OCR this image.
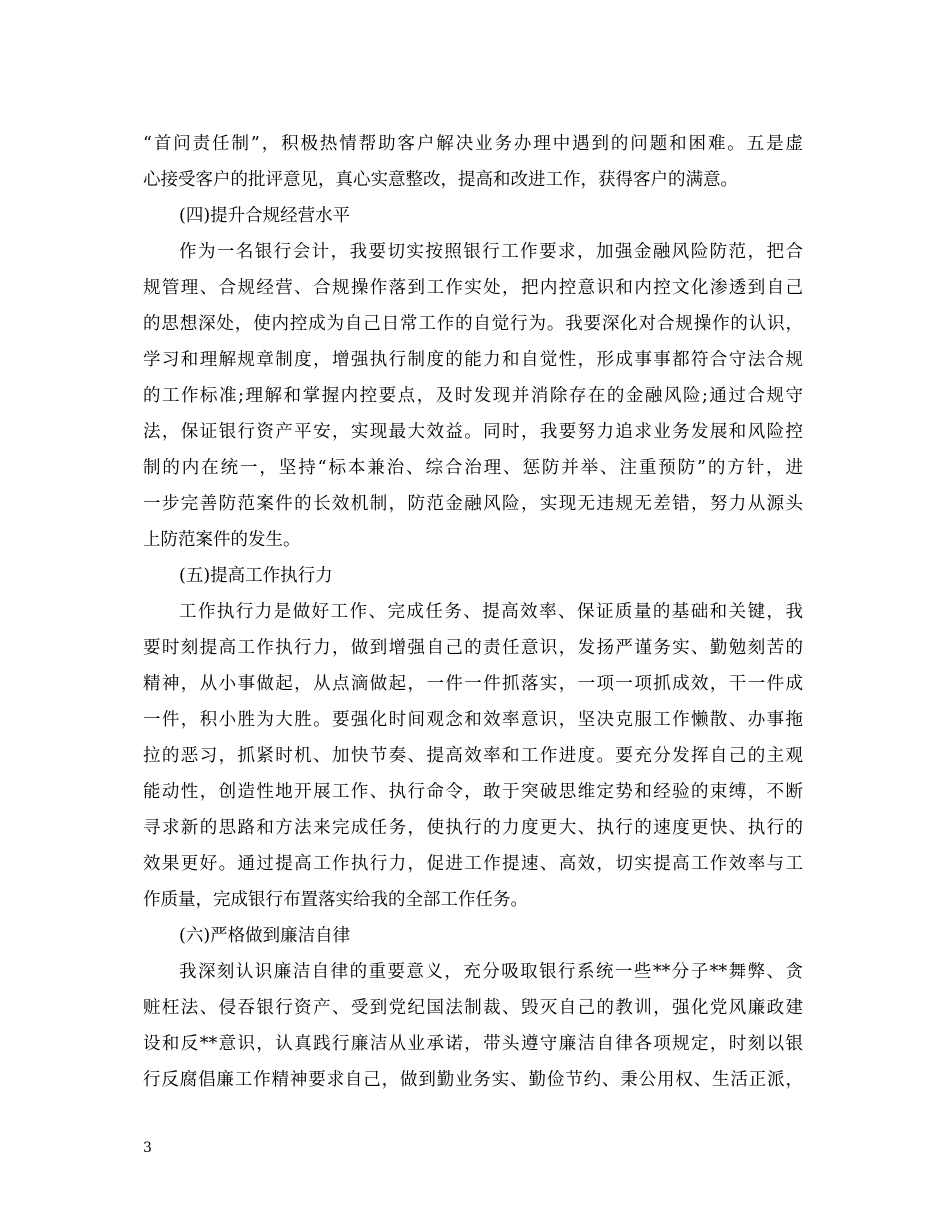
“首问责任制”，积极热情帮助客户解决业务办理中遇到的问题和困难。五是虚
心接受客户的批评意见，真心实意整改，提高和改进工作，获得客户的满意。
(四)提升合规经营水平
作为一名银行会计，我要切实按照银行工作要求，加强金融风险防范，把合
规管理、合规经营、合规操作落到工作实处，把内控意识和内控文化渗透到自己
的思想深处，使内控成为自己日常工作的自觉行为。我要深化对合规操作的认识，
学习和理解规章制度，增强执行制度的能力和自觉性，形成事事都符合守法合规
的工作标准;理解和掌握内控要点，及时发现并消除存在的金融风险;通过合规守
法，保证银行资产平安，实现最大效益。同时，我要努力追求业务发展和风险控
制的内在统一，坚持“标本兼治、综合治理、惩防并举、注重预防”的方针，进
一步完善防范案件的长效机制，防范金融风险，实现无违规无差错，努力从源头
上防范案件的发生。
(五)提高工作执行力
工作执行力是做好工作、完成任务、提高效率、保证质量的基础和关键，我
要时刻提高工作执行力，做到增强自己的责任意识，发扬严谨务实、勤勉刻苦的
精神，从小事做起，从点滴做起，一件一件抓落实，一项一项抓成效，干一件成
一件，积小胜为大胜。要强化时间观念和效率意识，坚决克服工作懒散、办事拖
拉的恶习，抓紧时机、加快节奏、提高效率和工作进度。要充分发挥自己的主观
能动性，创造性地开展工作、执行命令，敢于突破思维定势和经验的束缚，不断
寻求新的思路和方法来完成任务，使执行的力度更大、执行的速度更快、执行的
效果更好。通过提高工作执行力，促进工作提速、高效，切实提高工作效率与工
作质量，完成银行布置落实给我的全部工作任务。
(六)严格做到廉洁自律
我深刻认识廉洁自律的重要意义，充分吸取银行系统一些**分子**舞弊、贪
赃枉法、侵吞银行资产、受到党纪国法制裁、毁灭自己的教训，强化党风廉政建
设和反**意识，认真践行廉洁从业承诺，带头遵守廉洁自律各项规定，时刻以银
行反腐倡廉工作精神要求自己，做到勤业务实、勤俭节约、秉公用权、生活正派，
3
